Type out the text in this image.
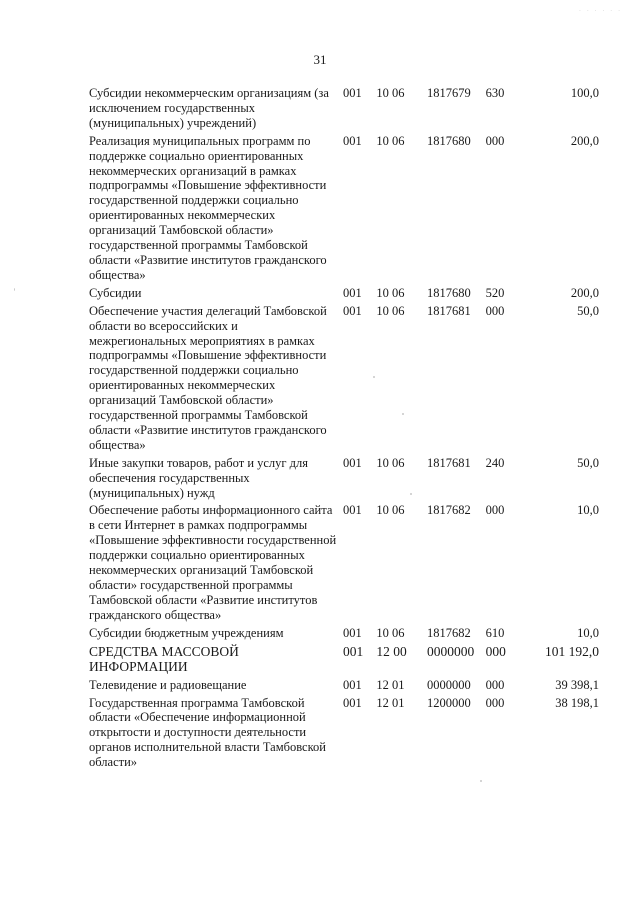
· · · · · ·
31
Субсидии некоммерческим организациям (за исключением государственных (муниципальных) учреждений)	001	10 06	1817679	630	100,0
Реализация муниципальных программ по поддержке социально ориентированных некоммерческих организаций в рамках подпрограммы «Повышение эффективности государственной поддержки социально ориентированных некоммерческих организаций Тамбовской области» государственной программы Тамбовской области «Развитие институтов гражданского общества»	001	10 06	1817680	000	200,0
Субсидии	001	10 06	1817680	520	200,0
Обеспечение участия делегаций Тамбовской области во всероссийских и межрегиональных мероприятиях в рамках подпрограммы «Повышение эффективности государственной поддержки социально ориентированных некоммерческих организаций Тамбовской области» государственной программы Тамбовской области «Развитие институтов гражданского общества»	001	10 06	1817681	000	50,0
Иные закупки товаров, работ и услуг для обеспечения государственных (муниципальных) нужд	001	10 06	1817681	240	50,0
Обеспечение работы информационного сайта в сети Интернет в рамках подпрограммы «Повышение эффективности государственной поддержки социально ориентированных некоммерческих организаций Тамбовской области» государственной программы Тамбовской области «Развитие институтов гражданского общества»	001	10 06	1817682	000	10,0
Субсидии бюджетным учреждениям	001	10 06	1817682	610	10,0
СРЕДСТВА МАССОВОЙ ИНФОРМАЦИИ	001	12 00	0000000	000	101 192,0
Телевидение и радиовещание	001	12 01	0000000	000	39 398,1
Государственная программа Тамбовской области «Обеспечение информационной открытости и доступности деятельности органов исполнительной власти Тамбовской области»	001	12 01	1200000	000	38 198,1
